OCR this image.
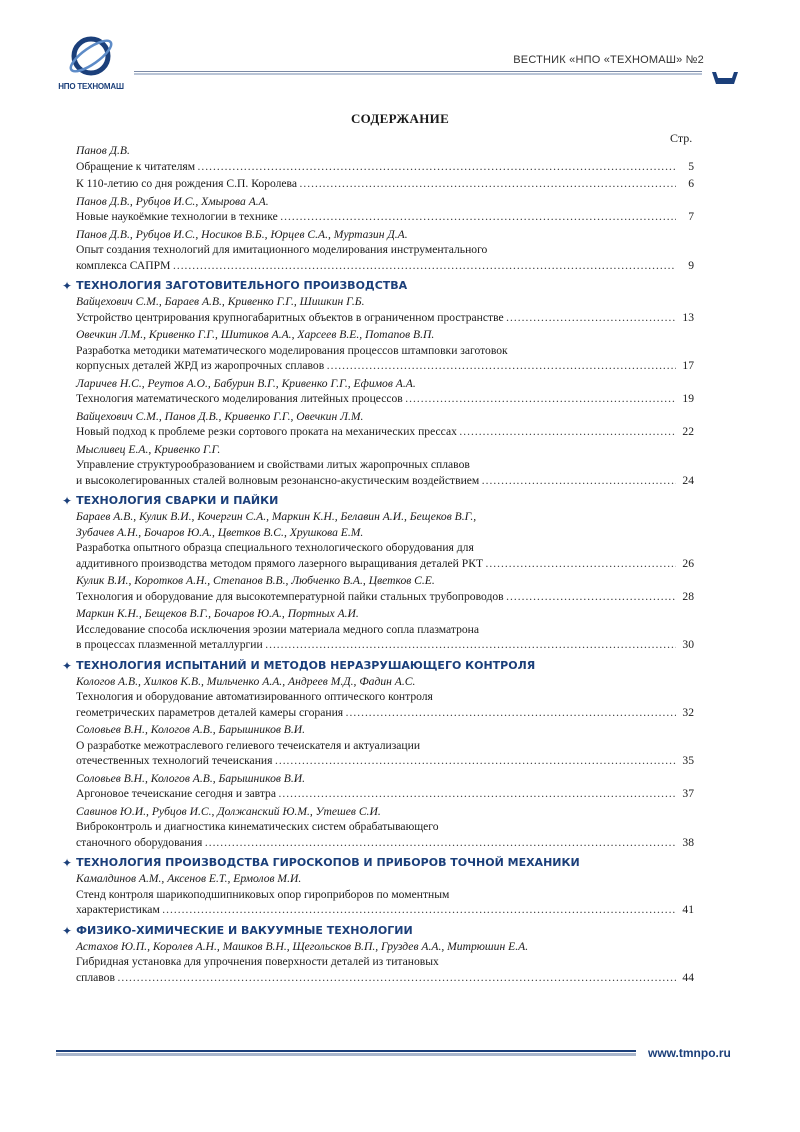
НПО ТЕХНОМАШ
ВЕСТНИК «НПО «ТЕХНОМАШ» №2
СОДЕРЖАНИЕ
Стр.
Панов Д.В.
Обращение к читателям …………………………………………………………………………………………………………………………………………………………………………………………	5
К 110-летию со дня рождения С.П. Королева …………………………………………………………………………………………………………………………………………………………………………………………	6
Панов Д.В., Рубцов И.С., Хмырова А.А.
Новые наукоёмкие технологии в технике …………………………………………………………………………………………………………………………………………………………………………………………	7
Панов Д.В., Рубцов И.С., Носиков В.Б., Юрцев С.А., Муртазин Д.А.
Опыт создания технологий для имитационного моделирования инструментального
комплекса САПРМ …………………………………………………………………………………………………………………………………………………………………………………………	9
✦ ТЕХНОЛОГИЯ ЗАГОТОВИТЕЛЬНОГО ПРОИЗВОДСТВА
Вайцехович С.М., Бараев А.В., Кривенко Г.Г., Шишкин Г.Б.
Устройство центрирования крупногабаритных объектов в ограниченном пространстве …………………………………………………………………………………………………………………………………………………………………………………………	13
Овечкин Л.М., Кривенко Г.Г., Шитиков А.А., Харсеев В.Е., Потапов В.П.
Разработка методики математического моделирования процессов штамповки заготовок
корпусных деталей ЖРД из жаропрочных сплавов …………………………………………………………………………………………………………………………………………………………………………………………	17
Ларичев Н.С., Реутов А.О., Бабурин В.Г., Кривенко Г.Г., Ефимов А.А.
Технология математического моделирования литейных процессов …………………………………………………………………………………………………………………………………………………………………………………………	19
Вайцехович С.М., Панов Д.В., Кривенко Г.Г., Овечкин Л.М.
Новый подход к проблеме резки сортового проката на механических прессах …………………………………………………………………………………………………………………………………………………………………………………………	22
Мысливец Е.А., Кривенко Г.Г.
Управление структурообразованием и свойствами литых жаропрочных сплавов
и высоколегированных сталей волновым резонансно-акустическим воздействием …………………………………………………………………………………………………………………………………………………………………………………………	24
✦ ТЕХНОЛОГИЯ СВАРКИ И ПАЙКИ
Бараев А.В., Кулик В.И., Кочергин С.А., Маркин К.Н., Белавин А.И., Бещеков В.Г.,
Зубачев А.Н., Бочаров Ю.А., Цветков В.С., Хрушкова Е.М.
Разработка опытного образца специального технологического оборудования для
аддитивного производства методом прямого лазерного выращивания деталей РКТ …………………………………………………………………………………………………………………………………………………………………………………………	26
Кулик В.И., Коротков А.Н., Степанов В.В., Любченко В.А., Цветков С.Е.
Технология и оборудование для высокотемпературной пайки стальных трубопроводов …………………………………………………………………………………………………………………………………………………………………………………………	28
Маркин К.Н., Бещеков В.Г., Бочаров Ю.А., Портных А.И.
Исследование способа исключения эрозии материала медного сопла плазматрона
в процессах плазменной металлургии …………………………………………………………………………………………………………………………………………………………………………………………	30
✦ ТЕХНОЛОГИЯ ИСПЫТАНИЙ И МЕТОДОВ НЕРАЗРУШАЮЩЕГО КОНТРОЛЯ
Кологов А.В., Хилков К.В., Мильченко А.А., Андреев М.Д., Фадин А.С.
Технология и оборудование автоматизированного оптического контроля
геометрических параметров деталей камеры сгорания …………………………………………………………………………………………………………………………………………………………………………………………	32
Соловьев В.Н., Кологов А.В., Барышников В.И.
О разработке межотраслевого гелиевого течеискателя и актуализации
отечественных технологий течеискания …………………………………………………………………………………………………………………………………………………………………………………………	35
Соловьев В.Н., Кологов А.В., Барышников В.И.
Аргоновое течеискание сегодня и завтра …………………………………………………………………………………………………………………………………………………………………………………………	37
Савинов Ю.И., Рубцов И.С., Должанский Ю.М., Утешев С.И.
Виброконтроль и диагностика кинематических систем обрабатывающего
станочного оборудования …………………………………………………………………………………………………………………………………………………………………………………………	38
✦ ТЕХНОЛОГИЯ ПРОИЗВОДСТВА ГИРОСКОПОВ И ПРИБОРОВ ТОЧНОЙ МЕХАНИКИ
Камалдинов А.М., Аксенов Е.Т., Ермолов М.И.
Стенд контроля шарикоподшипниковых опор гироприборов по моментным
характеристикам …………………………………………………………………………………………………………………………………………………………………………………………	41
✦ ФИЗИКО-ХИМИЧЕСКИЕ И ВАКУУМНЫЕ ТЕХНОЛОГИИ
Астахов Ю.П., Королев А.Н., Машков В.Н., Щегольсков В.П., Груздев А.А., Митрюшин Е.А.
Гибридная установка для упрочнения поверхности деталей из титановых
сплавов …………………………………………………………………………………………………………………………………………………………………………………………	44
www.tmnpo.ru
